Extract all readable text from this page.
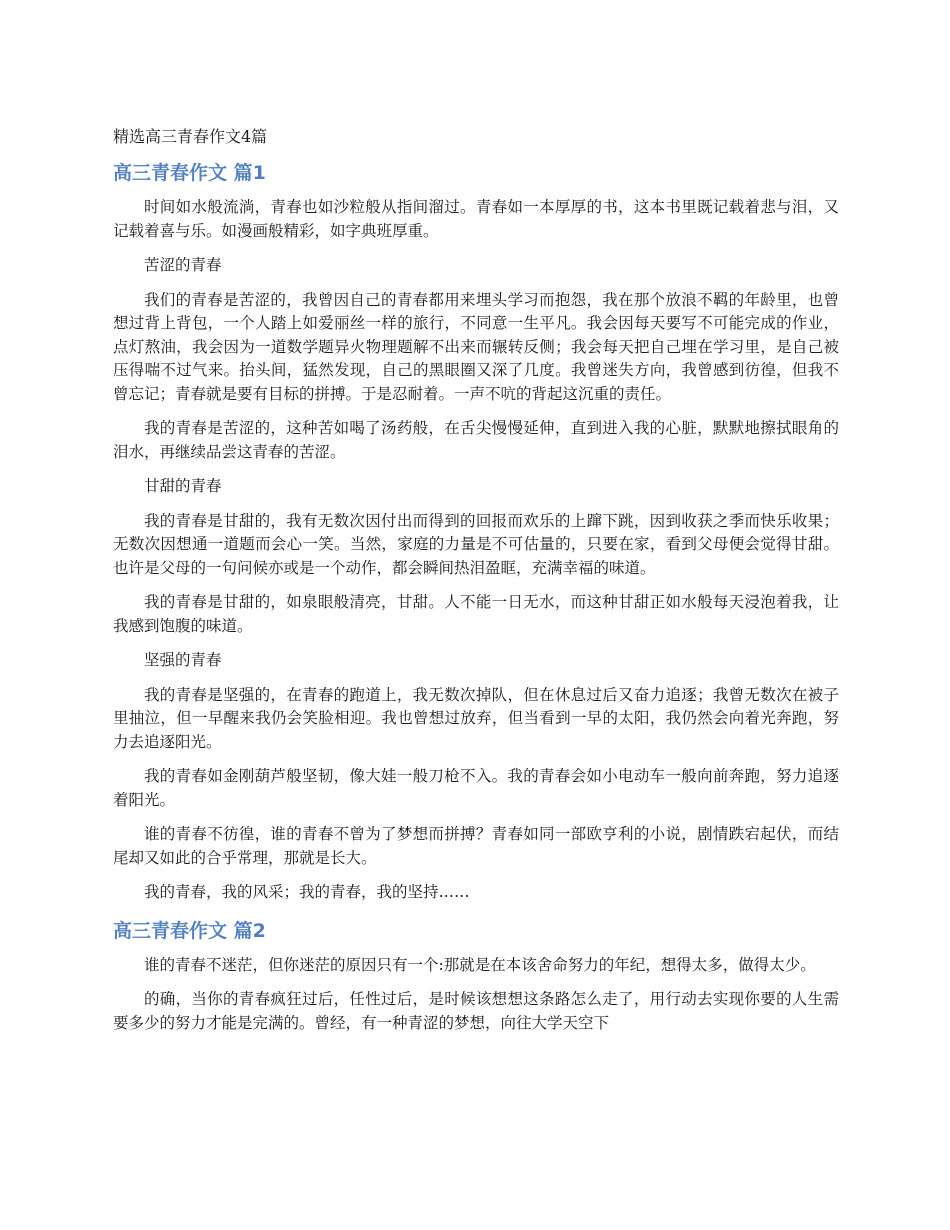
精选高三青春作文4篇
高三青春作文 篇1

时间如水般流淌，青春也如沙粒般从指间溜过。青春如一本厚厚的书，这本书里既记载着悲与泪，又记载着喜与乐。如漫画般精彩，如字典班厚重。

苦涩的青春

我们的青春是苦涩的，我曾因自己的青春都用来埋头学习而抱怨，我在那个放浪不羁的年龄里，也曾想过背上背包，一个人踏上如爱丽丝一样的旅行，不同意一生平凡。我会因每天要写不可能完成的作业，点灯熬油，我会因为一道数学题异火物理题解不出来而辗转反侧；我会每天把自己埋在学习里，是自己被压得喘不过气来。抬头间，猛然发现，自己的黑眼圈又深了几度。我曾迷失方向，我曾感到彷徨，但我不曾忘记；青春就是要有目标的拼搏。于是忍耐着。一声不吭的背起这沉重的责任。

我的青春是苦涩的，这种苦如喝了汤药般，在舌尖慢慢延伸，直到进入我的心脏，默默地擦拭眼角的泪水，再继续品尝这青春的苦涩。

甘甜的青春

我的青春是甘甜的，我有无数次因付出而得到的回报而欢乐的上蹿下跳，因到收获之季而快乐收果；无数次因想通一道题而会心一笑。当然，家庭的力量是不可估量的，只要在家，看到父母便会觉得甘甜。也许是父母的一句问候亦或是一个动作，都会瞬间热泪盈眶，充满幸福的味道。

我的青春是甘甜的，如泉眼般清亮，甘甜。人不能一日无水，而这种甘甜正如水般每天浸泡着我，让我感到饱腹的味道。

坚强的青春

我的青春是坚强的，在青春的跑道上，我无数次掉队，但在休息过后又奋力追逐；我曾无数次在被子里抽泣，但一早醒来我仍会笑脸相迎。我也曾想过放弃，但当看到一早的太阳，我仍然会向着光奔跑，努力去追逐阳光。

我的青春如金刚葫芦般坚韧，像大娃一般刀枪不入。我的青春会如小电动车一般向前奔跑，努力追逐着阳光。

谁的青春不彷徨，谁的青春不曾为了梦想而拼搏？青春如同一部欧亨利的小说，剧情跌宕起伏，而结尾却又如此的合乎常理，那就是长大。

我的青春，我的风采；我的青春，我的坚持……

高三青春作文 篇2

谁的青春不迷茫，但你迷茫的原因只有一个:那就是在本该舍命努力的年纪，想得太多，做得太少。

的确，当你的青春疯狂过后，任性过后，是时候该想想这条路怎么走了，用行动去实现你要的人生需要多少的努力才能是完满的。曾经，有一种青涩的梦想，向往大学天空下
